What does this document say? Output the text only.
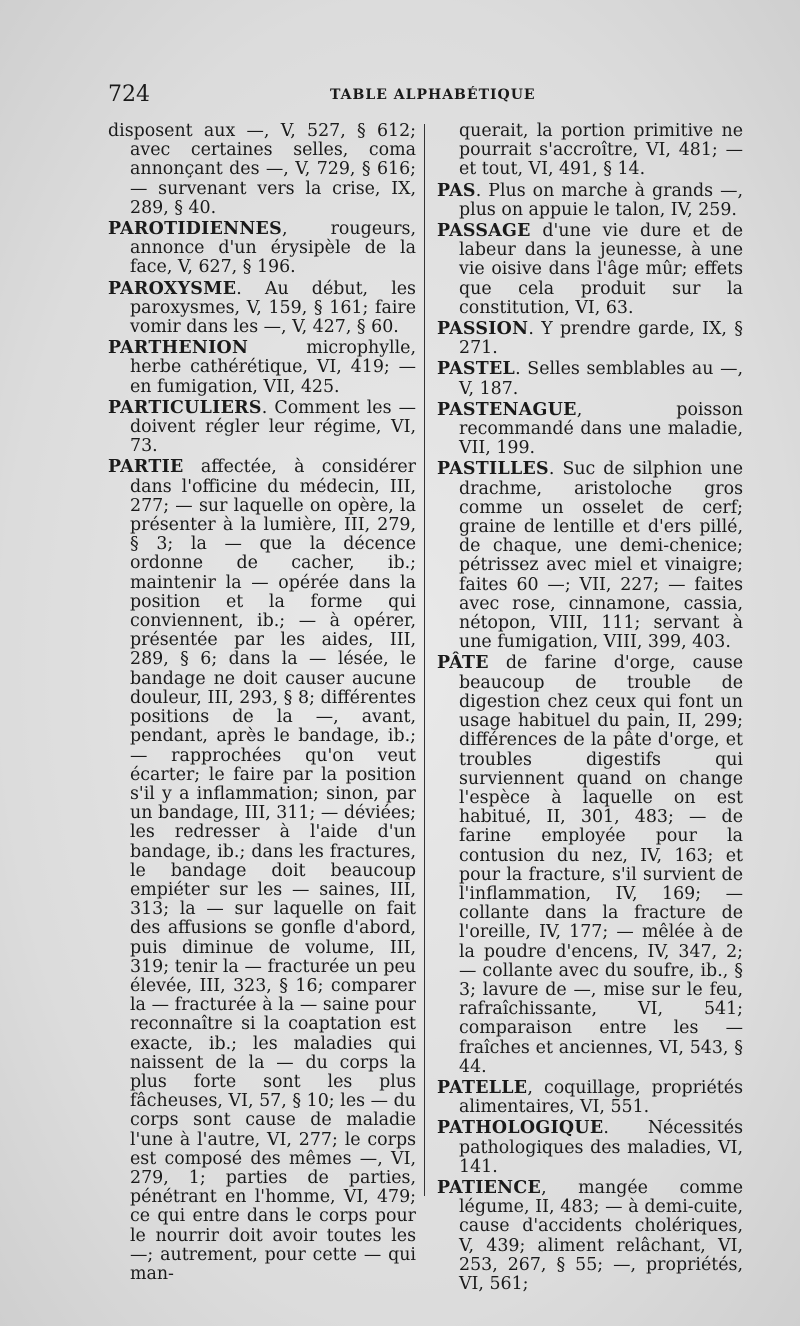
724	TABLE ALPHABÉTIQUE

disposent aux —, V, 527, § 612; avec certaines selles, coma annonçant des —, V, 729, § 616; — survenant vers la crise, IX, 289, § 40.

PAROTIDIENNES, rougeurs, annonce d'un érysipèle de la face, V, 627, § 196.

PAROXYSME. Au début, les paroxysmes, V, 159, § 161; faire vomir dans les —, V, 427, § 60.

PARTHENION microphylle, herbe cathérétique, VI, 419; — en fumigation, VII, 425.

PARTICULIERS. Comment les — doivent régler leur régime, VI, 73.

PARTIE affectée, à considérer dans l'officine du médecin, III, 277; — sur laquelle on opère, la présenter à la lumière, III, 279, § 3; la — que la décence ordonne de cacher, ib.; maintenir la — opérée dans la position et la forme qui conviennent, ib.; — à opérer, présentée par les aides, III, 289, § 6; dans la — lésée, le bandage ne doit causer aucune douleur, III, 293, § 8; différentes positions de la —, avant, pendant, après le bandage, ib.; — rapprochées qu'on veut écarter; le faire par la position s'il y a inflammation; sinon, par un bandage, III, 311; — déviées; les redresser à l'aide d'un bandage, ib.; dans les fractures, le bandage doit beaucoup empiéter sur les — saines, III, 313; la — sur laquelle on fait des affusions se gonfle d'abord, puis diminue de volume, III, 319; tenir la — fracturée un peu élevée, III, 323, § 16; comparer la — fracturée à la — saine pour reconnaître si la coaptation est exacte, ib.; les maladies qui naissent de la — du corps la plus forte sont les plus fâcheuses, VI, 57, § 10; les — du corps sont cause de maladie l'une à l'autre, VI, 277; le corps est composé des mêmes —, VI, 279, 1; parties de parties, pénétrant en l'homme, VI, 479; ce qui entre dans le corps pour le nourrir doit avoir toutes les —; autrement, pour cette — qui man-

querait, la portion primitive ne pourrait s'accroître, VI, 481; — et tout, VI, 491, § 14.

PAS. Plus on marche à grands —, plus on appuie le talon, IV, 259.

PASSAGE d'une vie dure et de labeur dans la jeunesse, à une vie oisive dans l'âge mûr; effets que cela produit sur la constitution, VI, 63.

PASSION. Y prendre garde, IX, § 271.

PASTEL. Selles semblables au —, V, 187.

PASTENAGUE, poisson recommandé dans une maladie, VII, 199.

PASTILLES. Suc de silphion une drachme, aristoloche gros comme un osselet de cerf; graine de lentille et d'ers pillé, de chaque, une demi-chenice; pétrissez avec miel et vinaigre; faites 60 —; VII, 227; — faites avec rose, cinnamone, cassia, nétopon, VIII, 111; servant à une fumigation, VIII, 399, 403.

PÂTE de farine d'orge, cause beaucoup de trouble de digestion chez ceux qui font un usage habituel du pain, II, 299; différences de la pâte d'orge, et troubles digestifs qui surviennent quand on change l'espèce à laquelle on est habitué, II, 301, 483; — de farine employée pour la contusion du nez, IV, 163; et pour la fracture, s'il survient de l'inflammation, IV, 169; — collante dans la fracture de l'oreille, IV, 177; — mêlée à de la poudre d'encens, IV, 347, 2; — collante avec du soufre, ib., § 3; lavure de —, mise sur le feu, rafraîchissante, VI, 541; comparaison entre les — fraîches et anciennes, VI, 543, § 44.

PATELLE, coquillage, propriétés alimentaires, VI, 551.

PATHOLOGIQUE. Nécessités pathologiques des maladies, VI, 141.

PATIENCE, mangée comme légume, II, 483; — à demi-cuite, cause d'accidents cholériques, V, 439; aliment relâchant, VI, 253, 267, § 55; —, propriétés, VI, 561;
